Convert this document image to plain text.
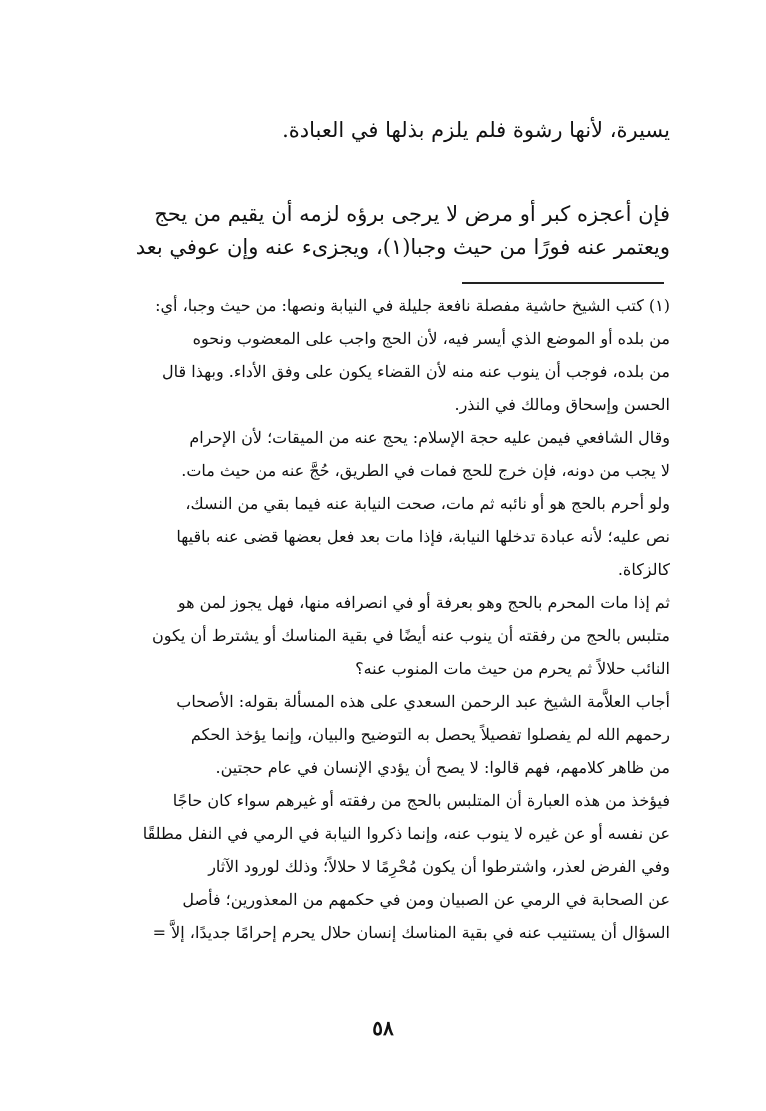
يسيرة، لأنها رشوة فلم يلزم بذلها في العبادة.
فإن أعجزه كبر أو مرض لا يرجى برؤه لزمه أن يقيم من يحج
ويعتمر عنه فورًا من حيث وجبا(١)، ويجزىء عنه وإن عوفي بعد
(١) كتب الشيخ حاشية مفصلة نافعة جليلة في النيابة ونصها: من حيث وجبا، أي:
من بلده أو الموضع الذي أيسر فيه، لأن الحج واجب على المعضوب ونحوه
من بلده، فوجب أن ينوب عنه منه لأن القضاء يكون على وفق الأداء. وبهذا قال
الحسن وإسحاق ومالك في النذر.
وقال الشافعي فيمن عليه حجة الإسلام: يحج عنه من الميقات؛ لأن الإحرام
لا يجب من دونه، فإن خرج للحج فمات في الطريق، حُجَّ عنه من حيث مات.
ولو أحرم بالحج هو أو نائبه ثم مات، صحت النيابة عنه فيما بقي من النسك،
نص عليه؛ لأنه عبادة تدخلها النيابة، فإذا مات بعد فعل بعضها قضى عنه باقيها
كالزكاة.
ثم إذا مات المحرم بالحج وهو بعرفة أو في انصرافه منها، فهل يجوز لمن هو
متلبس بالحج من رفقته أن ينوب عنه أيضًا في بقية المناسك أو يشترط أن يكون
النائب حلالاً ثم يحرم من حيث مات المنوب عنه؟
أجاب العلاَّمة الشيخ عبد الرحمن السعدي على هذه المسألة بقوله: الأصحاب
رحمهم الله لم يفصلوا تفصيلاً يحصل به التوضيح والبيان، وإنما يؤخذ الحكم
من ظاهر كلامهم، فهم قالوا: لا يصح أن يؤدي الإنسان في عام حجتين.
فيؤخذ من هذه العبارة أن المتلبس بالحج من رفقته أو غيرهم سواء كان حاجًا
عن نفسه أو عن غيره لا ينوب عنه، وإنما ذكروا النيابة في الرمي في النفل مطلقًا
وفي الفرض لعذر، واشترطوا أن يكون مُحْرِمًا لا حلالاً؛ وذلك لورود الآثار
عن الصحابة في الرمي عن الصبيان ومن في حكمهم من المعذورين؛ فأصل
السؤال أن يستنيب عنه في بقية المناسك إنسان حلال يحرم إحرامًا جديدًا، إلاَّ =
٥٨
